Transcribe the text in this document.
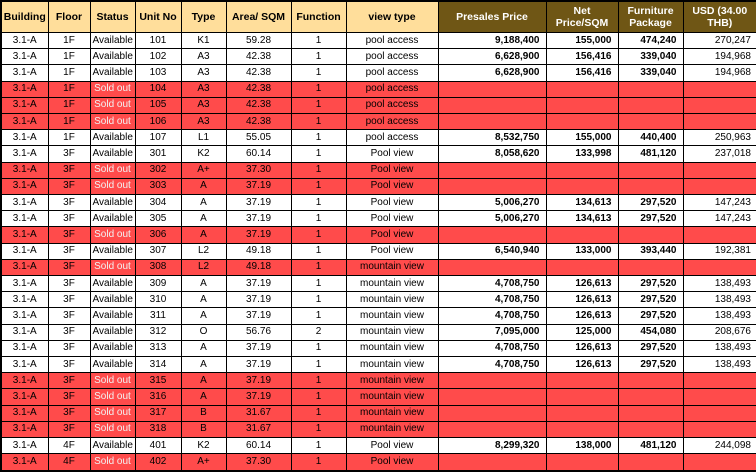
Building	Floor	Status	Unit No	Type	Area/ SQM	Function	view type	Presales Price	Net Price/SQM	Furniture Package	USD (34.00 THB)
3.1-A	1F	Available	101	K1	59.28	1	pool access	9,188,400	155,000	474,240	270,247
3.1-A	1F	Available	102	A3	42.38	1	pool access	6,628,900	156,416	339,040	194,968
3.1-A	1F	Available	103	A3	42.38	1	pool access	6,628,900	156,416	339,040	194,968
3.1-A	1F	Sold out	104	A3	42.38	1	pool access				
3.1-A	1F	Sold out	105	A3	42.38	1	pool access				
3.1-A	1F	Sold out	106	A3	42.38	1	pool access				
3.1-A	1F	Available	107	L1	55.05	1	pool access	8,532,750	155,000	440,400	250,963
3.1-A	3F	Available	301	K2	60.14	1	Pool view	8,058,620	133,998	481,120	237,018
3.1-A	3F	Sold out	302	A+	37.30	1	Pool view				
3.1-A	3F	Sold out	303	A	37.19	1	Pool view				
3.1-A	3F	Available	304	A	37.19	1	Pool view	5,006,270	134,613	297,520	147,243
3.1-A	3F	Available	305	A	37.19	1	Pool view	5,006,270	134,613	297,520	147,243
3.1-A	3F	Sold out	306	A	37.19	1	Pool view				
3.1-A	3F	Available	307	L2	49.18	1	Pool view	6,540,940	133,000	393,440	192,381
3.1-A	3F	Sold out	308	L2	49.18	1	mountain view				
3.1-A	3F	Available	309	A	37.19	1	mountain view	4,708,750	126,613	297,520	138,493
3.1-A	3F	Available	310	A	37.19	1	mountain view	4,708,750	126,613	297,520	138,493
3.1-A	3F	Available	311	A	37.19	1	mountain view	4,708,750	126,613	297,520	138,493
3.1-A	3F	Available	312	O	56.76	2	mountain view	7,095,000	125,000	454,080	208,676
3.1-A	3F	Available	313	A	37.19	1	mountain view	4,708,750	126,613	297,520	138,493
3.1-A	3F	Available	314	A	37.19	1	mountain view	4,708,750	126,613	297,520	138,493
3.1-A	3F	Sold out	315	A	37.19	1	mountain view				
3.1-A	3F	Sold out	316	A	37.19	1	mountain view				
3.1-A	3F	Sold out	317	B	31.67	1	mountain view				
3.1-A	3F	Sold out	318	B	31.67	1	mountain view				
3.1-A	4F	Available	401	K2	60.14	1	Pool view	8,299,320	138,000	481,120	244,098
3.1-A	4F	Sold out	402	A+	37.30	1	Pool view				
